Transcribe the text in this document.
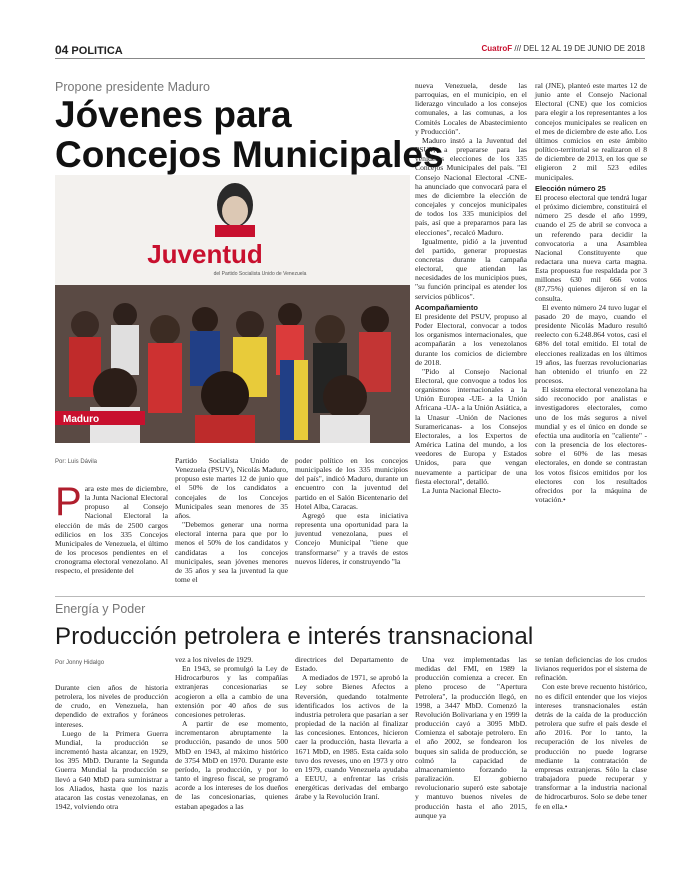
04 POLITICA	CuatroF /// DEL 12 AL 19 DE JUNIO DE 2018
Propone presidente Maduro
Jóvenes para
Concejos Municipales
Juventud
del Partido Socialista Unido de Venezuela
Maduro
Por: Luis Dávila
P ara este mes de diciembre, la Junta Nacional Electoral propuso al Consejo Nacional Electoral la elección de más de 2500 cargos edilicios en los 335 Concejos Municipales de Venezuela, el último de los procesos pendientes en el cronograma electoral venezolano. Al respecto, el presidente del

Partido Socialista Unido de Venezuela (PSUV), Nicolás Maduro, propuso este martes 12 de junio que el 50% de los candidatos a concejales de los Concejos Municipales sean menores de 35 años.

"Debemos generar una norma electoral interna para que por lo menos el 50% de los candidatos y candidatas a los concejos municipales, sean jóvenes menores de 35 años y sea la juventud la que tome el

poder político en los concejos municipales de los 335 municipios del país", indicó Maduro, durante un encuentro con la juventud del partido en el Salón Bicentenario del Hotel Alba, Caracas.

Agregó que esta iniciativa representa una oportunidad para la juventud venezolana, pues el Concejo Municipal "tiene que transformarse" y a través de estos nuevos líderes, ir construyendo "la

nueva Venezuela, desde las parroquias, en el municipio, en el liderazgo vinculado a los consejos comunales, a las comunas, a los Comités Locales de Abastecimiento y Producción".

Maduro instó a la Juventud del PSUV, a prepararse para las venideras elecciones de los 335 Concejos Municipales del país. "El Consejo Nacional Electoral -CNE- ha anunciado que convocará para el mes de diciembre la elección de concejales y concejos municipales de todos los 335 municipios del país, así que a prepararnos para las elecciones", recalcó Maduro.

Igualmente, pidió a la juventud del partido, generar propuestas concretas durante la campaña electoral, que atiendan las necesidades de los municipios pues, "su función principal es atender los servicios públicos".

Acompañamiento

El presidente del PSUV, propuso al Poder Electoral, convocar a todos los organismos internacionales, que acompañarán a los venezolanos durante los comicios de diciembre de 2018.

"Pido al Consejo Nacional Electoral, que convoque a todos los organismos internacionales a la Unión Europea -UE- a la Unión Africana -UA- a la Unión Asiática, a la Unasur -Unión de Naciones Suramericanas- a los Consejos Electorales, a los Expertos de América Latina del mundo, a los veedores de Europa y Estados Unidos, para que vengan nuevamente a participar de una fiesta electoral", detalló.

La Junta Nacional Electo-

ral (JNE), planteó este martes 12 de junio ante el Consejo Nacional Electoral (CNE) que los comicios para elegir a los representantes a los concejos municipales se realicen en el mes de diciembre de este año. Los últimos comicios en este ámbito político-territorial se realizaron el 8 de diciembre de 2013, en los que se eligieron 2 mil 523 ediles municipales.

Elección número 25

El proceso electoral que tendrá lugar el próximo diciembre, constituirá el número 25 desde el año 1999, cuando el 25 de abril se convoca a un referendo para decidir la convocatoria a una Asamblea Nacional Constituyente que redactara una nueva carta magna. Esta propuesta fue respaldada por 3 millones 630 mil 666 votos (87,75%) quienes dijeron sí en la consulta.

El evento número 24 tuvo lugar el pasado 20 de mayo, cuando el presidente Nicolás Maduro resultó reelecto con 6.248.864 votos, casi el 68% del total emitido. El total de elecciones realizadas en los últimos 19 años, las fuerzas revolucionarias han obtenido el triunfo en 22 procesos.

El sistema electoral venezolana ha sido reconocido por analistas e investigadores electorales, como uno de los más seguros a nivel mundial y es el único en donde se efectúa una auditoría en "caliente" -con la presencia de los electores- sobre el 60% de las mesas electorales, en donde se contrastan los votos físicos emitidos por los electores con los resultados ofrecidos por la máquina de votación.•

Energía y Poder
Producción petrolera e interés transnacional
Por Jonny Hidalgo

Durante cien años de historia petrolera, los niveles de producción de crudo, en Venezuela, han dependido de extraños y foráneos intereses.

Luego de la Primera Guerra Mundial, la producción se incrementó hasta alcanzar, en 1929, los 395 MbD. Durante la Segunda Guerra Mundial la producción se llevó a 640 MbD para suministrar a los Aliados, hasta que los nazis atacaron las costas venezolanas, en 1942, volviendo otra

vez a los niveles de 1929.

En 1943, se promulgó la Ley de Hidrocarburos y las compañías extranjeras concesionarias se acogieron a ella a cambio de una extensión por 40 años de sus concesiones petroleras.

A partir de ese momento, incrementaron abruptamente la producción, pasando de unos 500 MbD en 1943, al máximo histórico de 3754 MbD en 1970. Durante este período, la producción, y por lo tanto el ingreso fiscal, se programó acorde a los intereses de los dueños de las concesionarias, quienes estaban apegados a las

directrices del Departamento de Estado.

A mediados de 1971, se aprobó la Ley sobre Bienes Afectos a Reversión, quedando totalmente identificados los activos de la industria petrolera que pasarían a ser propiedad de la nación al finalizar las concesiones. Entonces, hicieron caer la producción, hasta llevarla a 1671 MbD, en 1985. Esta caída solo tuvo dos reveses, uno en 1973 y otro en 1979, cuando Venezuela ayudaba a EEUU, a enfrentar las crisis energéticas derivadas del embargo árabe y la Revolución Iraní.

Una vez implementadas las medidas del FMI, en 1989 la producción comienza a crecer. En pleno proceso de "Apertura Petrolera", la producción llegó, en 1998, a 3447 MbD. Comenzó la Revolución Bolivariana y en 1999 la producción cayó a 3095 MbD. Comienza el sabotaje petrolero. En el año 2002, se fondearon los buques sin salida de producción, se colmó la capacidad de almacenamiento forzando la paralización. El gobierno revolucionario superó este sabotaje y mantuvo buenos niveles de producción hasta el año 2015, aunque ya

se tenían deficiencias de los crudos livianos requeridos por el sistema de refinación.

Con este breve recuento histórico, no es difícil entender que los viejos intereses transnacionales están detrás de la caída de la producción petrolera que sufre el país desde el año 2016. Por lo tanto, la recuperación de los niveles de producción no puede lograrse mediante la contratación de empresas extranjeras. Sólo la clase trabajadora puede recuperar y transformar a la industria nacional de hidrocarburos. Solo se debe tener fe en ella.•
